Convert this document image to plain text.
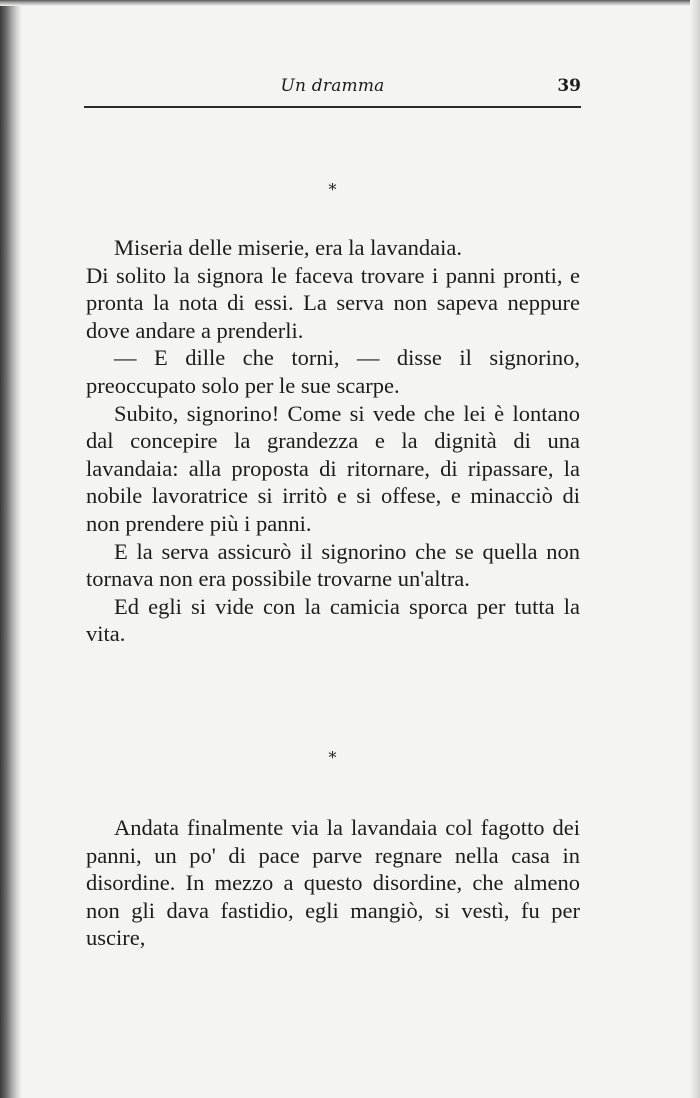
Un dramma	39
*

Miseria delle miserie, era la lavandaia.

Di solito la signora le faceva trovare i panni pronti, e pronta la nota di essi. La serva non sapeva neppure dove andare a prenderli.

— E dille che torni, — disse il signorino, preoccupato solo per le sue scarpe.

Subito, signorino! Come si vede che lei è lontano dal concepire la grandezza e la dignità di una lavandaia: alla proposta di ritornare, di ripassare, la nobile lavoratrice si irritò e si offese, e minacciò di non prendere più i panni.

E la serva assicurò il signorino che se quella non tornava non era possibile trovarne un'altra.

Ed egli si vide con la camicia sporca per tutta la vita.

*

Andata finalmente via la lavandaia col fagotto dei panni, un po' di pace parve regnare nella casa in disordine. In mezzo a questo disordine, che almeno non gli dava fastidio, egli mangiò, si vestì, fu per uscire,
